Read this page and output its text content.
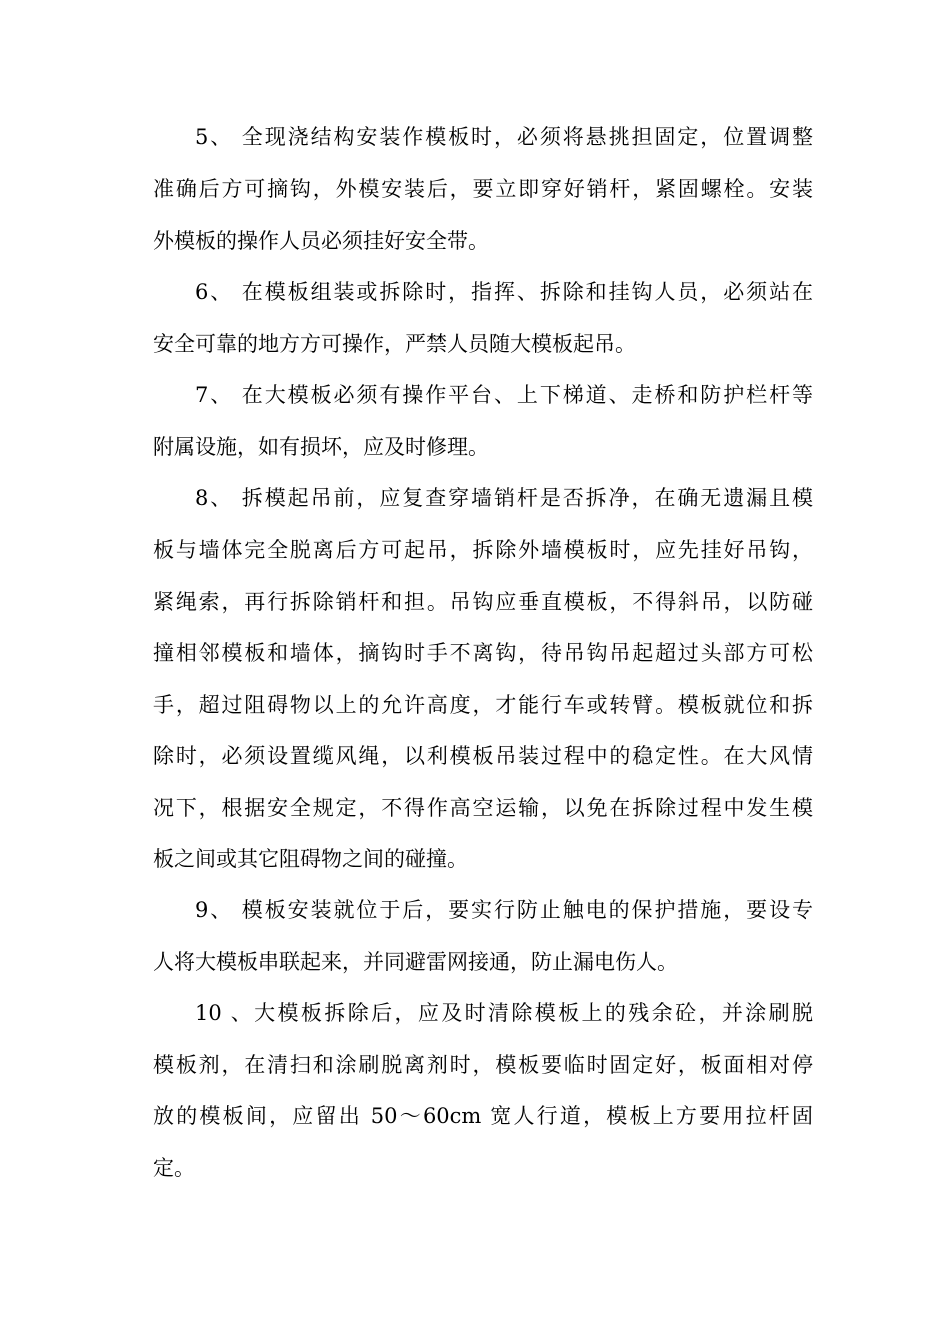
5、 全现浇结构安装作模板时，必须将悬挑担固定，位置调整
准确后方可摘钩，外模安装后，要立即穿好销杆，紧固螺栓。安装
外模板的操作人员必须挂好安全带。
6、 在模板组装或拆除时，指挥、拆除和挂钩人员，必须站在
安全可靠的地方方可操作，严禁人员随大模板起吊。
7、 在大模板必须有操作平台、上下梯道、走桥和防护栏杆等
附属设施，如有损坏，应及时修理。
8、 拆模起吊前，应复查穿墙销杆是否拆净，在确无遗漏且模
板与墙体完全脱离后方可起吊，拆除外墙模板时，应先挂好吊钩，
紧绳索，再行拆除销杆和担。吊钩应垂直模板，不得斜吊，以防碰
撞相邻模板和墙体，摘钩时手不离钩，待吊钩吊起超过头部方可松
手，超过阻碍物以上的允许高度，才能行车或转臂。模板就位和拆
除时，必须设置缆风绳，以利模板吊装过程中的稳定性。在大风情
况下，根据安全规定，不得作高空运输，以免在拆除过程中发生模
板之间或其它阻碍物之间的碰撞。
9、 模板安装就位于后，要实行防止触电的保护措施，要设专
人将大模板串联起来，并同避雷网接通，防止漏电伤人。
10 、大模板拆除后，应及时清除模板上的残余砼，并涂刷脱
模板剂，在清扫和涂刷脱离剂时，模板要临时固定好，板面相对停
放的模板间，应留出 50～60cm 宽人行道，模板上方要用拉杆固
定。
